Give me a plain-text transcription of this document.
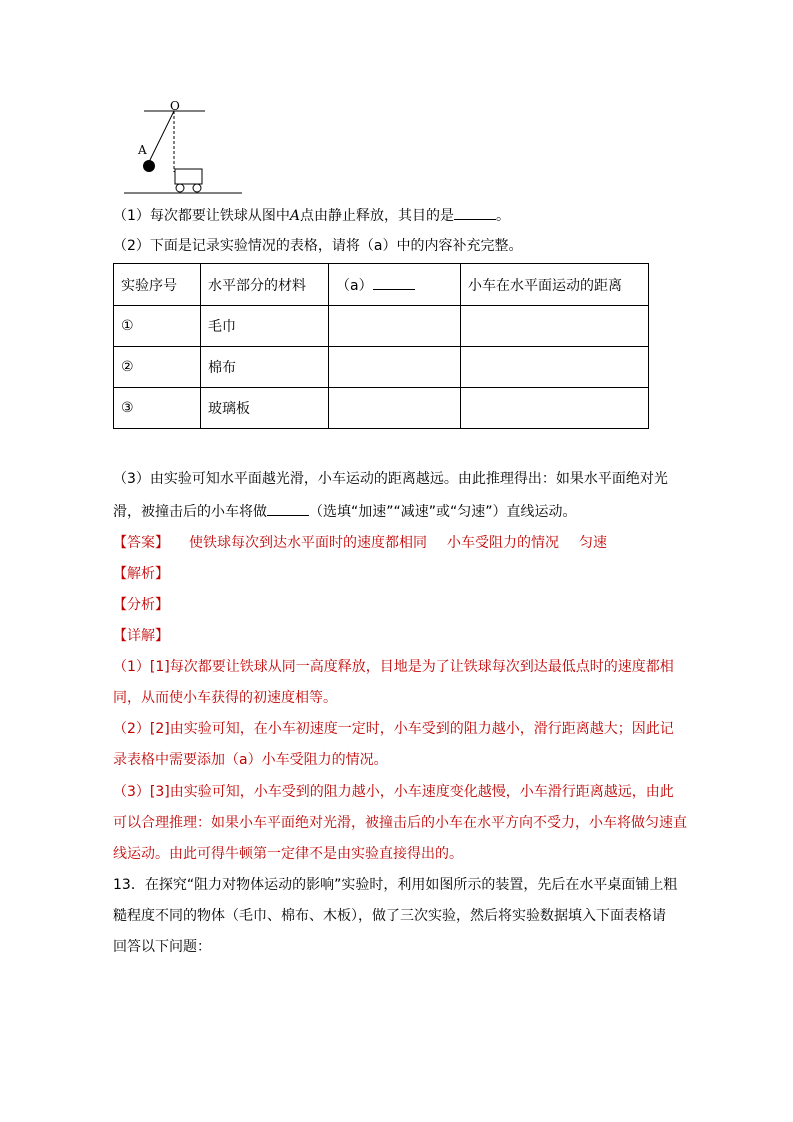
O
A
（1）每次都要让铁球从图中A点由静止释放，其目的是	。
（2）下面是记录实验情况的表格，请将（a）中的内容补充完整。
实验序号	水平部分的材料	（a）	小车在水平面运动的距离
①	毛巾		
②	棉布		
③	玻璃板		
（3）由实验可知水平面越光滑，小车运动的距离越远。由此推理得出：如果水平面绝对光
滑，被撞击后的小车将做	（选填“加速”“减速”或“匀速”）直线运动。
【答案】 使铁球每次到达水平面时的速度都相同 小车受阻力的情况 匀速
【解析】
【分析】
【详解】
（1）[1]每次都要让铁球从同一高度释放，目地是为了让铁球每次到达最低点时的速度都相
同，从而使小车获得的初速度相等。
（2）[2]由实验可知，在小车初速度一定时，小车受到的阻力越小，滑行距离越大；因此记
录表格中需要添加（a）小车受阻力的情况。
（3）[3]由实验可知，小车受到的阻力越小，小车速度变化越慢，小车滑行距离越远，由此
可以合理推理：如果小车平面绝对光滑，被撞击后的小车在水平方向不受力，小车将做匀速直
线运动。由此可得牛顿第一定律不是由实验直接得出的。
13．在探究“阻力对物体运动的影响”实验时，利用如图所示的装置，先后在水平桌面铺上粗
糙程度不同的物体（毛巾、棉布、木板），做了三次实验，然后将实验数据填入下面表格请
回答以下问题：
